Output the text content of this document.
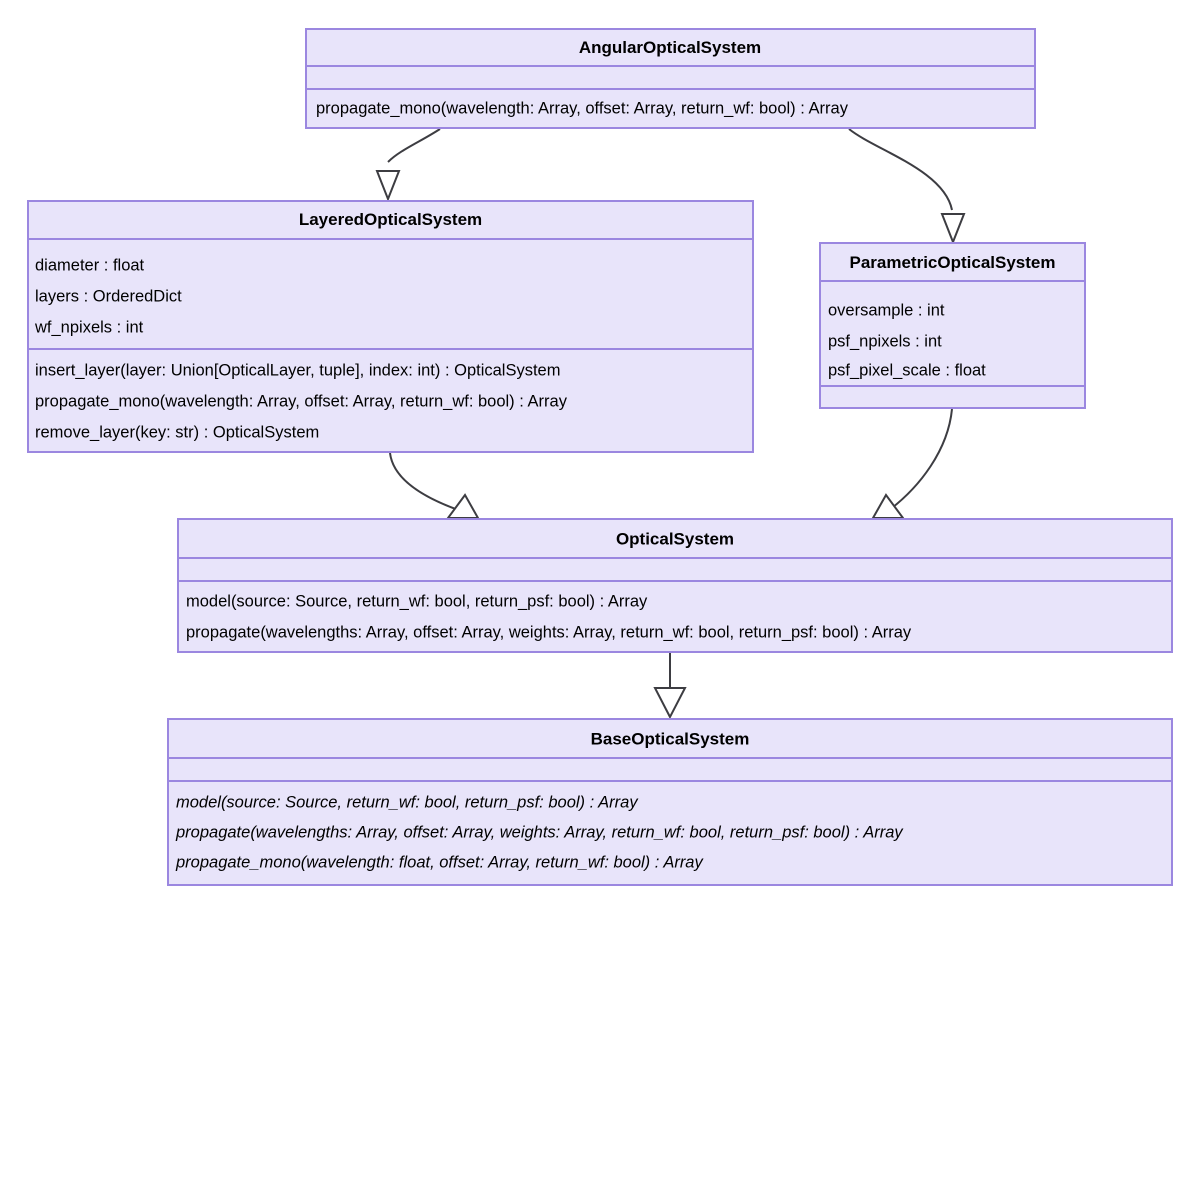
AngularOpticalSystem
propagate_mono(wavelength: Array, offset: Array, return_wf: bool) : Array
LayeredOpticalSystem
diameter : float
layers : OrderedDict
wf_npixels : int
insert_layer(layer: Union[OpticalLayer, tuple], index: int) : OpticalSystem
propagate_mono(wavelength: Array, offset: Array, return_wf: bool) : Array
remove_layer(key: str) : OpticalSystem
ParametricOpticalSystem
oversample : int
psf_npixels : int
psf_pixel_scale : float
OpticalSystem
model(source: Source, return_wf: bool, return_psf: bool) : Array
propagate(wavelengths: Array, offset: Array, weights: Array, return_wf: bool, return_psf: bool) : Array
BaseOpticalSystem
model(source: Source, return_wf: bool, return_psf: bool) : Array
propagate(wavelengths: Array, offset: Array, weights: Array, return_wf: bool, return_psf: bool) : Array
propagate_mono(wavelength: float, offset: Array, return_wf: bool) : Array
